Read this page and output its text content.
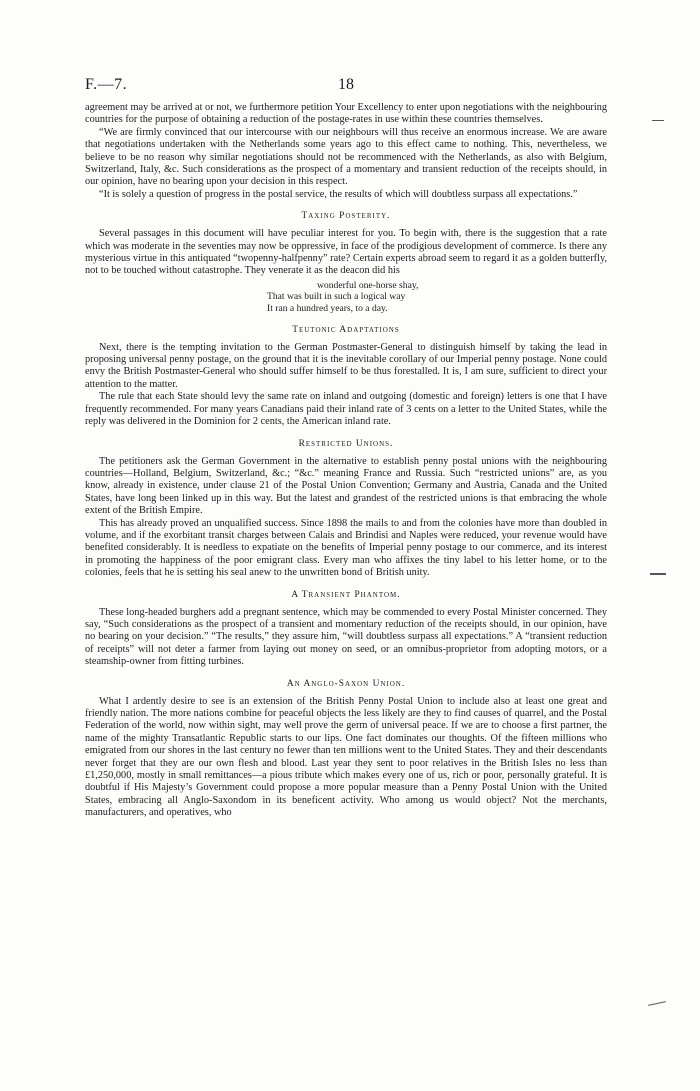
F.—7.	18

agreement may be arrived at or not, we furthermore petition Your Excellency to enter upon negotiations with the neighbouring countries for the purpose of obtaining a reduction of the postage-rates in use within these countries themselves.

“We are firmly convinced that our intercourse with our neighbours will thus receive an enormous increase. We are aware that negotiations undertaken with the Netherlands some years ago to this effect came to nothing. This, nevertheless, we believe to be no reason why similar negotiations should not be recommenced with the Netherlands, as also with Belgium, Switzerland, Italy, &c. Such considerations as the prospect of a momentary and transient reduction of the receipts should, in our opinion, have no bearing upon your decision in this respect.

“It is solely a question of progress in the postal service, the results of which will doubtless surpass all expectations.”

Taxing Posterity.

Several passages in this document will have peculiar interest for you. To begin with, there is the suggestion that a rate which was moderate in the seventies may now be oppressive, in face of the prodigious development of commerce. Is there any mysterious virtue in this antiquated “twopenny-halfpenny” rate? Certain experts abroad seem to regard it as a golden butterfly, not to be touched without catastrophe. They venerate it as the deacon did his

wonderful one-horse shay,
That was built in such a logical way
It ran a hundred years, to a day.
Teutonic Adaptations

Next, there is the tempting invitation to the German Postmaster-General to distinguish himself by taking the lead in proposing universal penny postage, on the ground that it is the inevitable corollary of our Imperial penny postage. None could envy the British Postmaster-General who should suffer himself to be thus forestalled. It is, I am sure, sufficient to direct your attention to the matter.

The rule that each State should levy the same rate on inland and outgoing (domestic and foreign) letters is one that I have frequently recommended. For many years Canadians paid their inland rate of 3 cents on a letter to the United States, while the reply was delivered in the Dominion for 2 cents, the American inland rate.

Restricted Unions.

The petitioners ask the German Government in the alternative to establish penny postal unions with the neighbouring countries—Holland, Belgium, Switzerland, &c.; “&c.” meaning France and Russia. Such “restricted unions” are, as you know, already in existence, under clause 21 of the Postal Union Convention; Germany and Austria, Canada and the United States, have long been linked up in this way. But the latest and grandest of the restricted unions is that embracing the whole extent of the British Empire.

This has already proved an unqualified success. Since 1898 the mails to and from the colonies have more than doubled in volume, and if the exorbitant transit charges between Calais and Brindisi and Naples were reduced, your revenue would have benefited considerably. It is needless to expatiate on the benefits of Imperial penny postage to our commerce, and its interest in promoting the happiness of the poor emigrant class. Every man who affixes the tiny label to his letter home, or to the colonies, feels that he is setting his seal anew to the unwritten bond of British unity.

A Transient Phantom.

These long-headed burghers add a pregnant sentence, which may be commended to every Postal Minister concerned. They say, “Such considerations as the prospect of a transient and momentary reduction of the receipts should, in our opinion, have no bearing on your decision.” “The results,” they assure him, “will doubtless surpass all expectations.” A “transient reduction of receipts” will not deter a farmer from laying out money on seed, or an omnibus-proprietor from adopting motors, or a steamship-owner from fitting turbines.

An Anglo-Saxon Union.

What I ardently desire to see is an extension of the British Penny Postal Union to include also at least one great and friendly nation. The more nations combine for peaceful objects the less likely are they to find causes of quarrel, and the Postal Federation of the world, now within sight, may well prove the germ of universal peace. If we are to choose a first partner, the name of the mighty Transatlantic Republic starts to our lips. One fact dominates our thoughts. Of the fifteen millions who emigrated from our shores in the last century no fewer than ten millions went to the United States. They and their descendants never forget that they are our own flesh and blood. Last year they sent to poor relatives in the British Isles no less than £1,250,000, mostly in small remittances—a pious tribute which makes every one of us, rich or poor, personally grateful. It is doubtful if His Majesty’s Government could propose a more popular measure than a Penny Postal Union with the United States, embracing all Anglo-Saxondom in its beneficent activity. Who among us would object? Not the merchants, manufacturers, and operatives, who
